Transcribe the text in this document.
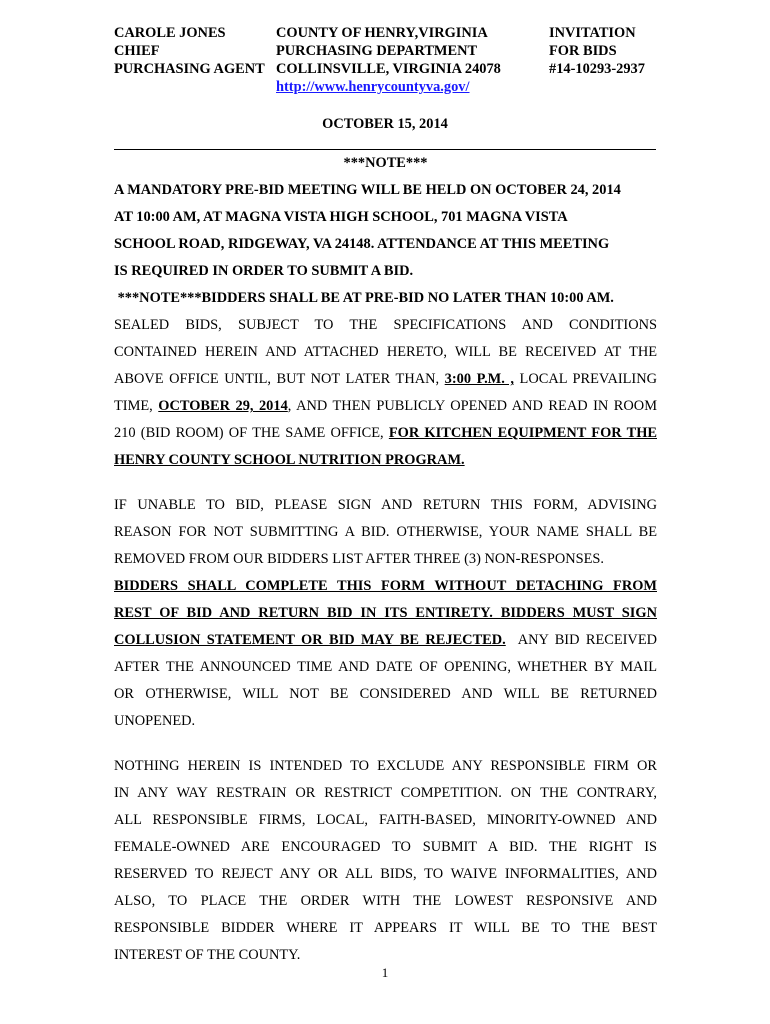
CAROLE JONES
CHIEF
PURCHASING AGENT
COUNTY OF HENRY,VIRGINIA
PURCHASING DEPARTMENT
COLLINSVILLE, VIRGINIA 24078
http://www.henrycountyva.gov/
INVITATION
FOR BIDS
#14-10293-2937
OCTOBER 15, 2014
***NOTE***
A MANDATORY PRE-BID MEETING WILL BE HELD ON OCTOBER 24, 2014
AT 10:00 AM, AT MAGNA VISTA HIGH SCHOOL, 701 MAGNA VISTA
SCHOOL ROAD, RIDGEWAY, VA 24148. ATTENDANCE AT THIS MEETING
IS REQUIRED IN ORDER TO SUBMIT A BID.
***NOTE***BIDDERS SHALL BE AT PRE-BID NO LATER THAN 10:00 AM.
SEALED BIDS, SUBJECT TO THE SPECIFICATIONS AND CONDITIONS
CONTAINED HEREIN AND ATTACHED HERETO, WILL BE RECEIVED AT THE
ABOVE OFFICE UNTIL, BUT NOT LATER THAN, 3:00 P.M. , LOCAL PREVAILING
TIME, OCTOBER 29, 2014, AND THEN PUBLICLY OPENED AND READ IN ROOM
210 (BID ROOM) OF THE SAME OFFICE, FOR KITCHEN EQUIPMENT FOR THE
HENRY COUNTY SCHOOL NUTRITION PROGRAM.
IF UNABLE TO BID, PLEASE SIGN AND RETURN THIS FORM, ADVISING
REASON FOR NOT SUBMITTING A BID. OTHERWISE, YOUR NAME SHALL BE
REMOVED FROM OUR BIDDERS LIST AFTER THREE (3) NON-RESPONSES.
BIDDERS SHALL COMPLETE THIS FORM WITHOUT DETACHING FROM
REST OF BID AND RETURN BID IN ITS ENTIRETY. BIDDERS MUST SIGN
COLLUSION STATEMENT OR BID MAY BE REJECTED.  ANY BID RECEIVED
AFTER THE ANNOUNCED TIME AND DATE OF OPENING, WHETHER BY MAIL
OR OTHERWISE, WILL NOT BE CONSIDERED AND WILL BE RETURNED
UNOPENED.
NOTHING HEREIN IS INTENDED TO EXCLUDE ANY RESPONSIBLE FIRM OR
IN ANY WAY RESTRAIN OR RESTRICT COMPETITION. ON THE CONTRARY,
ALL RESPONSIBLE FIRMS, LOCAL, FAITH-BASED, MINORITY-OWNED AND
FEMALE-OWNED ARE ENCOURAGED TO SUBMIT A BID. THE RIGHT IS
RESERVED TO REJECT ANY OR ALL BIDS, TO WAIVE INFORMALITIES, AND
ALSO, TO PLACE THE ORDER WITH THE LOWEST RESPONSIVE AND
RESPONSIBLE BIDDER WHERE IT APPEARS IT WILL BE TO THE BEST
INTEREST OF THE COUNTY.
1
